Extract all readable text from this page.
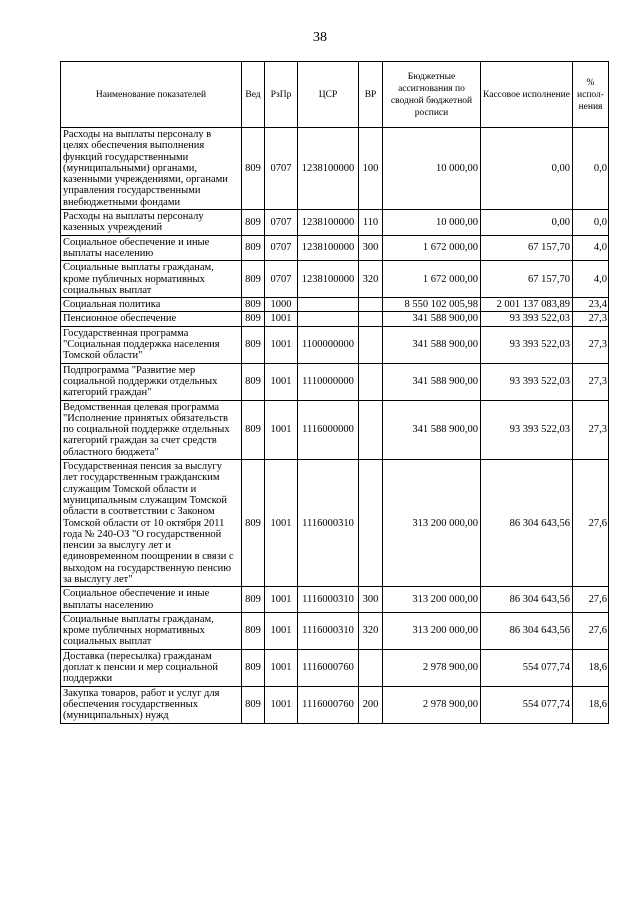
38
Наименование показателей	Вед	РзПр	ЦСР	ВР	Бюджетные ассигнования по сводной бюджетной росписи	Кассовое исполнение	% испол-нения
Расходы на выплаты персоналу в целях обеспечения выполнения функций государственными (муниципальными) органами, казенными учреждениями, органами управления государственными внебюджетными фондами	809	0707	1238100000	100	10 000,00	0,00	0,0
Расходы на выплаты персоналу казенных учреждений	809	0707	1238100000	110	10 000,00	0,00	0,0
Социальное обеспечение и иные выплаты населению	809	0707	1238100000	300	1 672 000,00	67 157,70	4,0
Социальные выплаты гражданам, кроме публичных нормативных социальных выплат	809	0707	1238100000	320	1 672 000,00	67 157,70	4,0
Социальная политика	809	1000			8 550 102 005,98	2 001 137 083,89	23,4
Пенсионное обеспечение	809	1001			341 588 900,00	93 393 522,03	27,3
Государственная программа "Социальная поддержка населения Томской области"	809	1001	1100000000		341 588 900,00	93 393 522,03	27,3
Подпрограмма "Развитие мер социальной поддержки отдельных категорий граждан"	809	1001	1110000000		341 588 900,00	93 393 522,03	27,3
Ведомственная целевая программа "Исполнение принятых обязательств по социальной поддержке отдельных категорий граждан за счет средств областного бюджета"	809	1001	1116000000		341 588 900,00	93 393 522,03	27,3
Государственная пенсия за выслугу лет государственным гражданским служащим Томской области и муниципальным служащим Томской области в соответствии с Законом Томской области от 10 октября 2011 года № 240-ОЗ "О государственной пенсии за выслугу лет и единовременном поощрении в связи с выходом на государственную пенсию за выслугу лет"	809	1001	1116000310		313 200 000,00	86 304 643,56	27,6
Социальное обеспечение и иные выплаты населению	809	1001	1116000310	300	313 200 000,00	86 304 643,56	27,6
Социальные выплаты гражданам, кроме публичных нормативных социальных выплат	809	1001	1116000310	320	313 200 000,00	86 304 643,56	27,6
Доставка (пересылка) гражданам доплат к пенсии и мер социальной поддержки	809	1001	1116000760		2 978 900,00	554 077,74	18,6
Закупка товаров, работ и услуг для обеспечения государственных (муниципальных) нужд	809	1001	1116000760	200	2 978 900,00	554 077,74	18,6
